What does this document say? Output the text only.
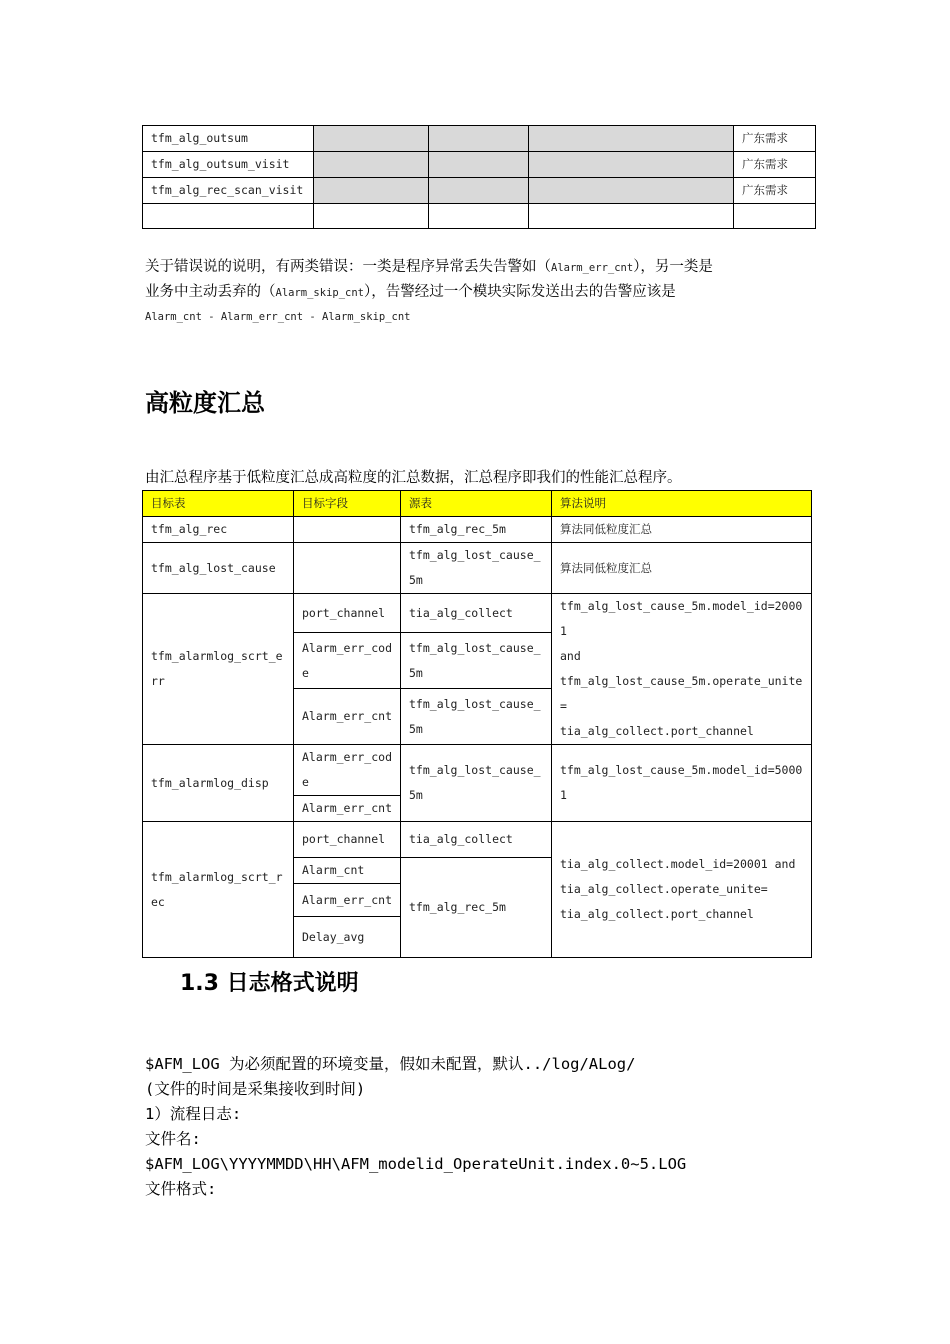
tfm_alg_outsum				广东需求
tfm_alg_outsum_visit				广东需求
tfm_alg_rec_scan_visit				广东需求

关于错误说的说明，有两类错误：一类是程序异常丢失告警如（Alarm_err_cnt），另一类是
业务中主动丢弃的（Alarm_skip_cnt），告警经过一个模块实际发送出去的告警应该是
Alarm_cnt - Alarm_err_cnt - Alarm_skip_cnt
高粒度汇总
由汇总程序基于低粒度汇总成高粒度的汇总数据，汇总程序即我们的性能汇总程序。
目标表	目标字段	源表	算法说明
tfm_alg_rec		tfm_alg_rec_5m	算法同低粒度汇总
tfm_alg_lost_cause		tfm_alg_lost_cause_5m	算法同低粒度汇总
tfm_alarmlog_scrt_err	port_channel	tia_alg_collect	tfm_alg_lost_cause_5m.model_id=20001
and
tfm_alg_lost_cause_5m.operate_unite=
tia_alg_collect.port_channel

	Alarm_err_code	tfm_alg_lost_cause_5m	
	Alarm_err_cnt	tfm_alg_lost_cause_5m	
tfm_alarmlog_disp	Alarm_err_code	tfm_alg_lost_cause_5m	tfm_alg_lost_cause_5m.model_id=50001
	Alarm_err_cnt		
tfm_alarmlog_scrt_rec	port_channel	tia_alg_collect	tia_alg_collect.model_id=20001 and
tia_alg_collect.operate_unite=
tia_alg_collect.port_channel

	Alarm_cnt	tfm_alg_rec_5m	
	Alarm_err_cnt		
	Delay_avg		
1.3 日志格式说明
$AFM_LOG 为必须配置的环境变量，假如未配置，默认../log/ALog/
(文件的时间是采集接收到时间)
1）流程日志:
文件名:
$AFM_LOG\YYYYMMDD\HH\AFM_modelid_OperateUnit.index.0~5.LOG
文件格式:
